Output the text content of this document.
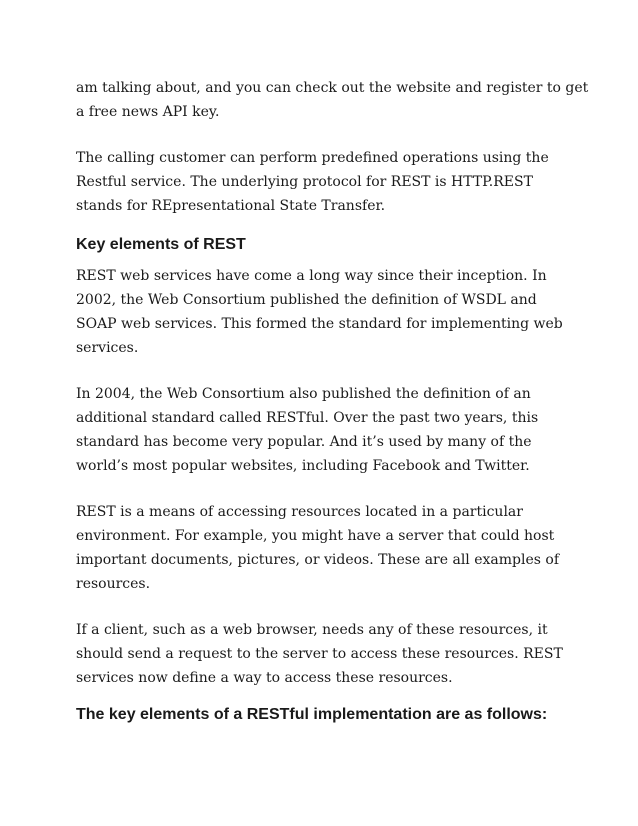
am talking about, and you can check out the website and register to get
a free news API key.

The calling customer can perform predefined operations using the
Restful service. The underlying protocol for REST is HTTP.REST
stands for REpresentational State Transfer.

Key elements of REST

REST web services have come a long way since their inception. In
2002, the Web Consortium published the definition of WSDL and
SOAP web services. This formed the standard for implementing web
services.

In 2004, the Web Consortium also published the definition of an
additional standard called RESTful. Over the past two years, this
standard has become very popular. And it’s used by many of the
world’s most popular websites, including Facebook and Twitter.

REST is a means of accessing resources located in a particular
environment. For example, you might have a server that could host
important documents, pictures, or videos. These are all examples of
resources.

If a client, such as a web browser, needs any of these resources, it
should send a request to the server to access these resources. REST
services now define a way to access these resources.

The key elements of a RESTful implementation are as follows:
